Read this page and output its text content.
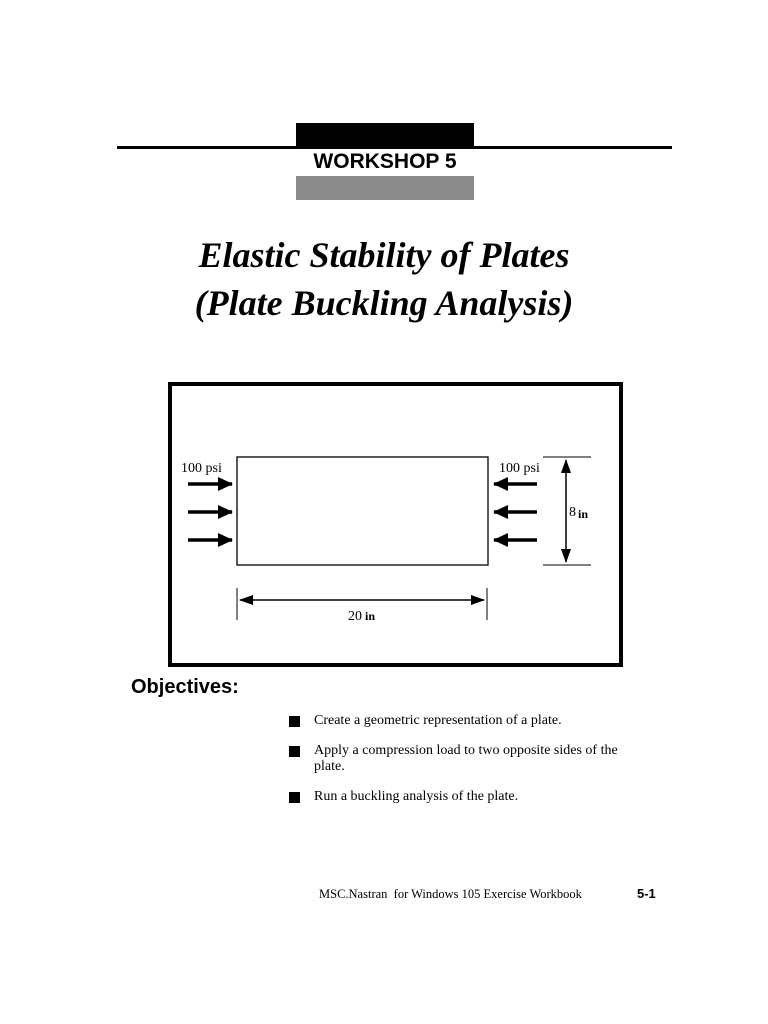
WORKSHOP 5
Elastic Stability of Plates
(Plate Buckling Analysis)
100 psi	100 psi
8 in
20 in
Objectives:
Create a geometric representation of a plate.
Apply a compression load to two opposite sides of the plate.
Run a buckling analysis of the plate.
MSC.Nastran  for Windows 105 Exercise Workbook	5-1
